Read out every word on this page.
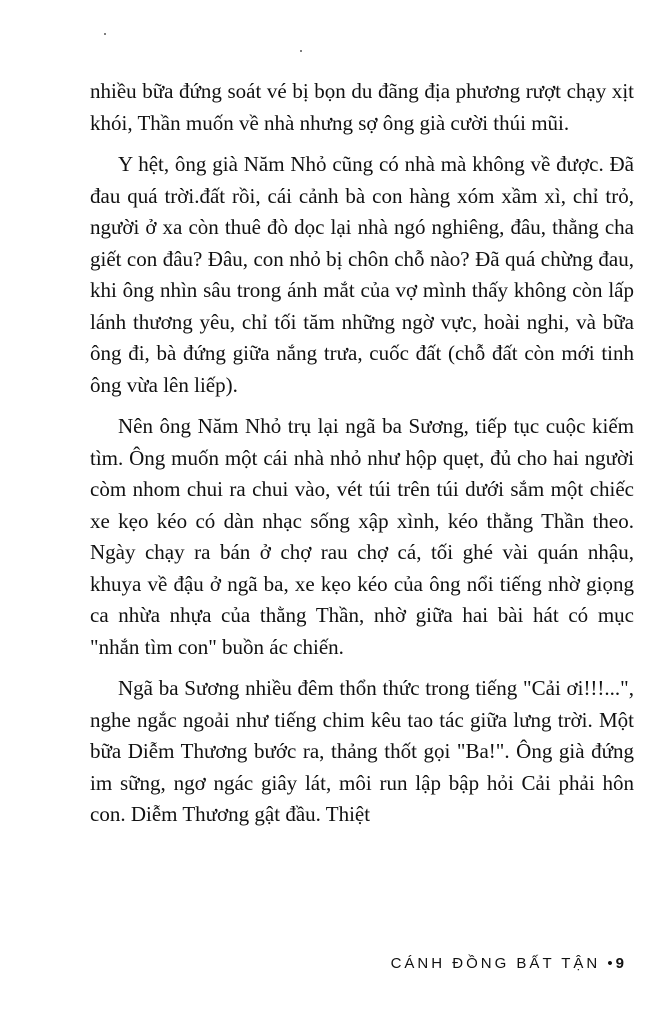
nhiều bữa đứng soát vé bị bọn du đãng địa phương rượt chạy xịt khói, Thần muốn về nhà nhưng sợ ông già cười thúi mũi.

Y hệt, ông già Năm Nhỏ cũng có nhà mà không về được. Đã đau quá trời.đất rồi, cái cảnh bà con hàng xóm xầm xì, chỉ trỏ, người ở xa còn thuê đò dọc lại nhà ngó nghiêng, đâu, thằng cha giết con đâu? Đâu, con nhỏ bị chôn chỗ nào? Đã quá chừng đau, khi ông nhìn sâu trong ánh mắt của vợ mình thấy không còn lấp lánh thương yêu, chỉ tối tăm những ngờ vực, hoài nghi, và bữa ông đi, bà đứng giữa nắng trưa, cuốc đất (chỗ đất còn mới tinh ông vừa lên liếp).

Nên ông Năm Nhỏ trụ lại ngã ba Sương, tiếp tục cuộc kiếm tìm. Ông muốn một cái nhà nhỏ như hộp quẹt, đủ cho hai người còm nhom chui ra chui vào, vét túi trên túi dưới sắm một chiếc xe kẹo kéo có dàn nhạc sống xập xình, kéo thằng Thần theo. Ngày chạy ra bán ở chợ rau chợ cá, tối ghé vài quán nhậu, khuya về đậu ở ngã ba, xe kẹo kéo của ông nổi tiếng nhờ giọng ca nhừa nhựa của thằng Thần, nhờ giữa hai bài hát có mục "nhắn tìm con" buồn ác chiến.

Ngã ba Sương nhiều đêm thổn thức trong tiếng "Cải ơi!!!...", nghe ngắc ngoải như tiếng chim kêu tao tác giữa lưng trời. Một bữa Diễm Thương bước ra, thảng thốt gọi "Ba!". Ông già đứng im sững, ngơ ngác giây lát, môi run lập bập hỏi Cải phải hôn con. Diễm Thương gật đầu. Thiệt

CÁNH ĐỒNG BẤT TẬN •9
